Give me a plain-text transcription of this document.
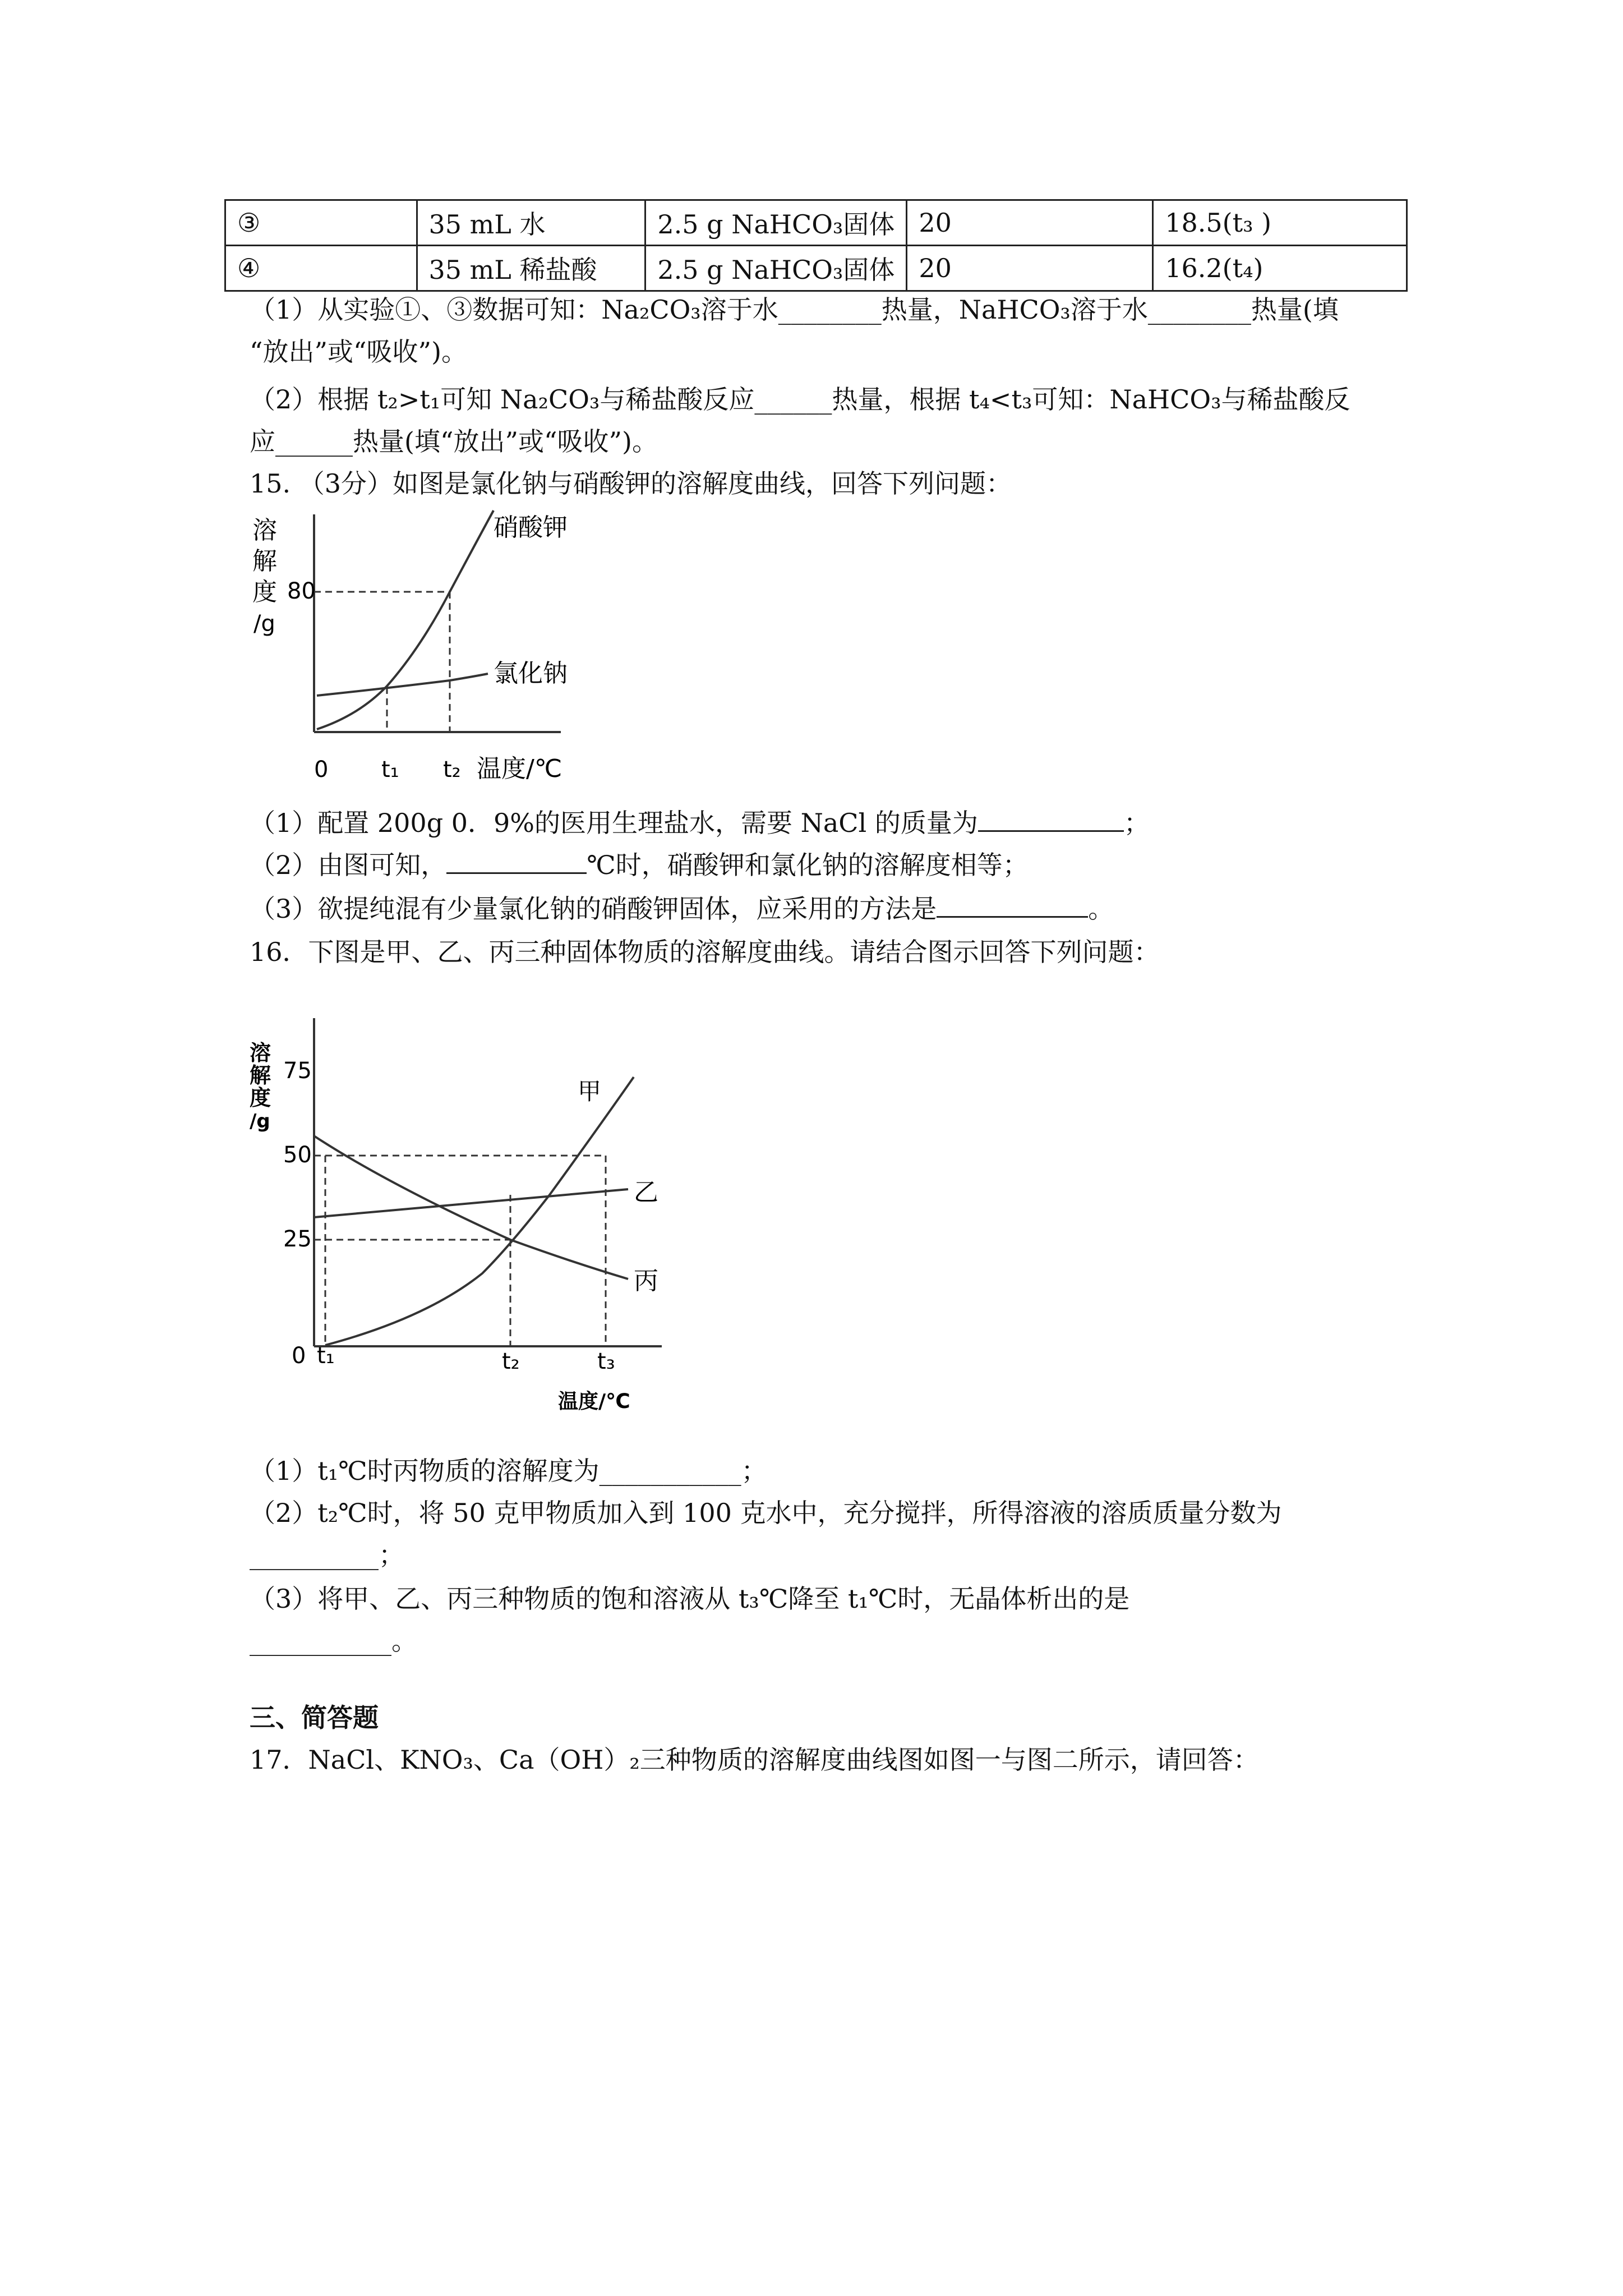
③	35 mL 水	2.5 g NaHCO₃固体	20	18.5(t₃ )
④	35 mL 稀盐酸	2.5 g NaHCO₃固体	20	16.2(t₄)
（1）从实验①、③数据可知：Na₂CO₃溶于水________热量，NaHCO₃溶于水________热量(填
“放出”或“吸收”)。
（2）根据 t₂>t₁可知 Na₂CO₃与稀盐酸反应______热量，根据 t₄<t₃可知：NaHCO₃与稀盐酸反
应______热量(填“放出”或“吸收”)。
15. （3分）如图是氯化钠与硝酸钾的溶解度曲线，回答下列问题：
溶
解
度
/g
80
硝酸钾
氯化钠
0 t₁ t₂ 温度/℃
（1）配置 200g 0．9%的医用生理盐水，需要 NaCl 的质量为	；
（2）由图可知，	℃时，硝酸钾和氯化钠的溶解度相等；
（3）欲提纯混有少量氯化钠的硝酸钾固体，应采用的方法是	。
16．下图是甲、乙、丙三种固体物质的溶解度曲线。请结合图示回答下列问题：
溶
解
度
/g
75
50
25
0
甲
乙
丙
t₁	t₂	t₃
温度/℃
（1）t₁℃时丙物质的溶解度为___________；
（2）t₂℃时，将 50 克甲物质加入到 100 克水中，充分搅拌，所得溶液的溶质质量分数为
__________；
（3）将甲、乙、丙三种物质的饱和溶液从 t₃℃降至 t₁℃时，无晶体析出的是
___________。
三、简答题
17．NaCl、KNO₃、Ca（OH）₂三种物质的溶解度曲线图如图一与图二所示，请回答：
